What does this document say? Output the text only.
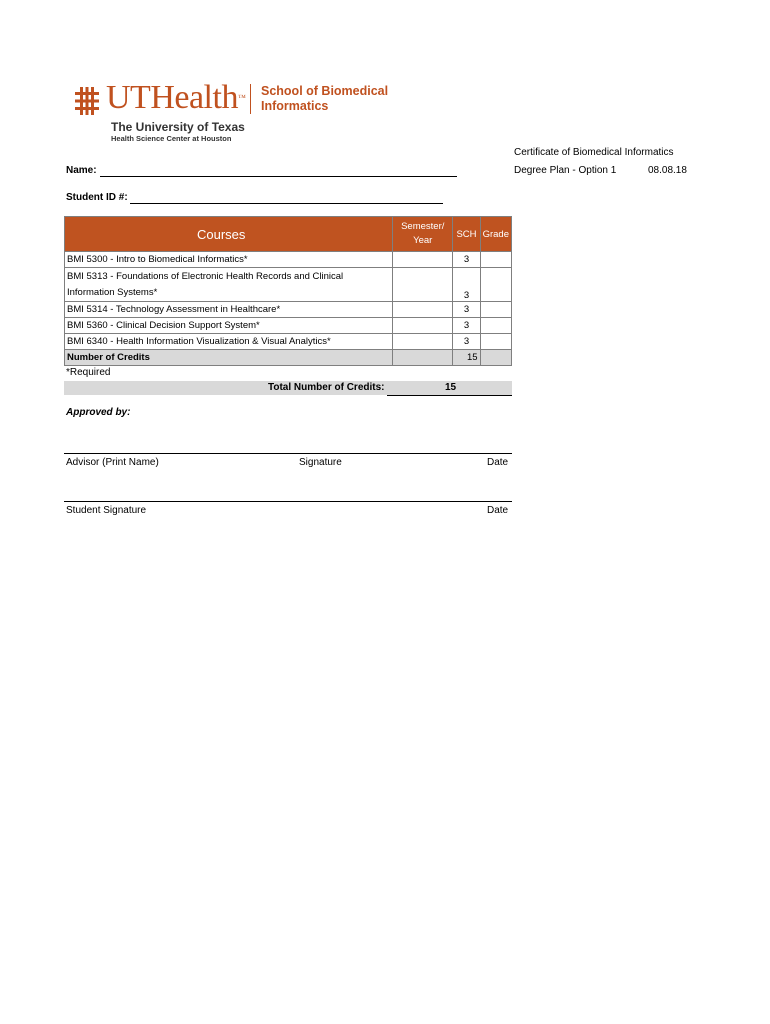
UTHealth™ School of Biomedical
Informatics
The University of Texas
Health Science Center at Houston
Certificate of Biomedical Informatics
Degree Plan - Option 1	08.08.18
Name:
Student ID #:
Courses	Semester/
Year	SCH	Grade
BMI 5300 - Intro to Biomedical Informatics*		3	

BMI 5313 - Foundations of Electronic Health Records and Clinical
Information Systems*		3	
BMI 5314 - Technology Assessment in Healthcare*		3	
BMI 5360 - Clinical Decision Support System*		3	
BMI 6340 - Health Information Visualization & Visual Analytics*		3	
Number of Credits		15	
*Required
Total Number of Credits:	15
Approved by:
Advisor (Print Name)	Signature	Date
Student Signature	Date
